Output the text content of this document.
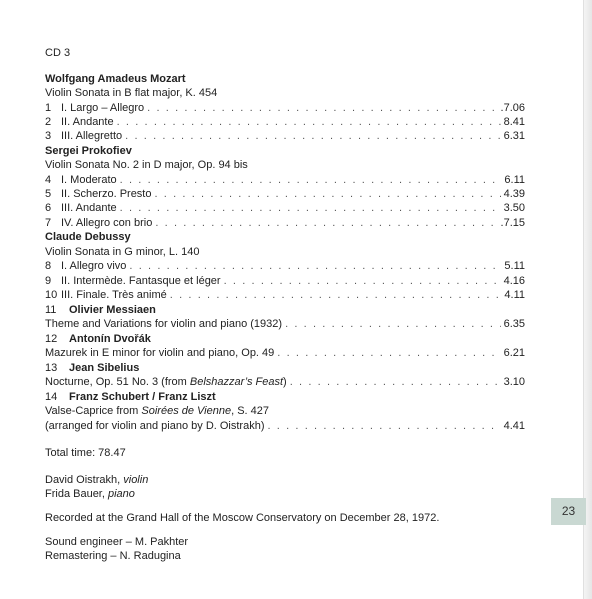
CD 3
Wolfgang Amadeus Mozart
Violin Sonata in B flat major, K. 454
1 I. Largo – Allegro . . .	.7.06
2 II. Andante . . .	8.41
3 III. Allegretto . . .	6.31
Sergei Prokofiev
Violin Sonata No. 2 in D major, Op. 94 bis
4 I. Moderato . . .	6.11
5 II. Scherzo. Presto . . .	4.39
6 III. Andante . . .	3.50
7 IV. Allegro con brio . . .	.7.15
Claude Debussy
Violin Sonata in G minor, L. 140
8 I. Allegro vivo . . .	5.11
9 II. Intermède. Fantasque et léger . . .	4.16
10 III. Finale. Très animé . . .	4.11
11 Olivier Messiaen
Theme and Variations for violin and piano (1932) . . .	6.35
12 Antonín Dvořák
Mazurek in E minor for violin and piano, Op. 49 . . .	6.21
13 Jean Sibelius
Nocturne, Op. 51 No. 3 (from Belshazzar’s Feast) . . .	3.10
14 Franz Schubert / Franz Liszt
Valse-Caprice from Soirées de Vienne, S. 427
(arranged for violin and piano by D. Oistrakh) . . .	4.41
Total time: 78.47
David Oistrakh, violin
Frida Bauer, piano
Recorded at the Grand Hall of the Moscow Conservatory on December 28, 1972.
Sound engineer – M. Pakhter
Remastering – N. Radugina
23
